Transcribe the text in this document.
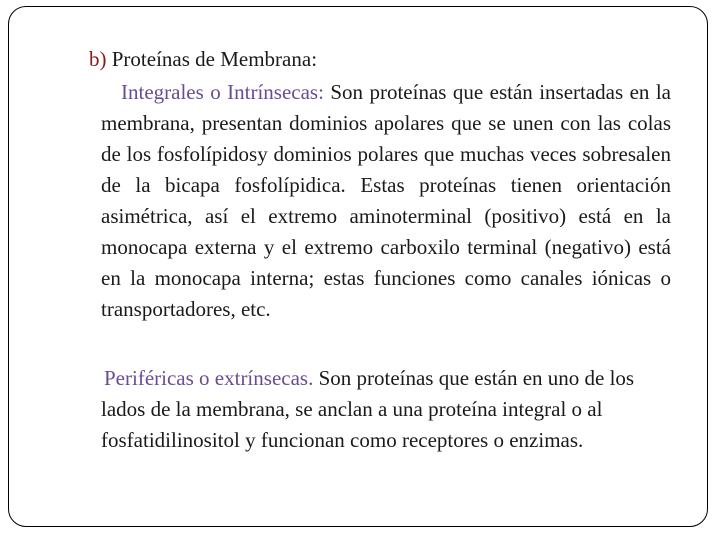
b) Proteínas de Membrana:

Integrales o Intrínsecas: Son proteínas que están insertadas en la membrana, presentan dominios apolares que se unen con las colas de los fosfolípidosy dominios polares que muchas veces sobresalen de la bicapa fosfolípidica. Estas proteínas tienen orientación asimétrica, así el extremo aminoterminal (positivo) está en la monocapa externa y el extremo carboxilo terminal (negativo) está en la monocapa interna; estas funciones como canales iónicas o transportadores, etc.

Periféricas o extrínsecas. Son proteínas que están en uno de los lados de la membrana, se anclan a una proteína integral o al fosfatidilinositol y funcionan como receptores o enzimas.
